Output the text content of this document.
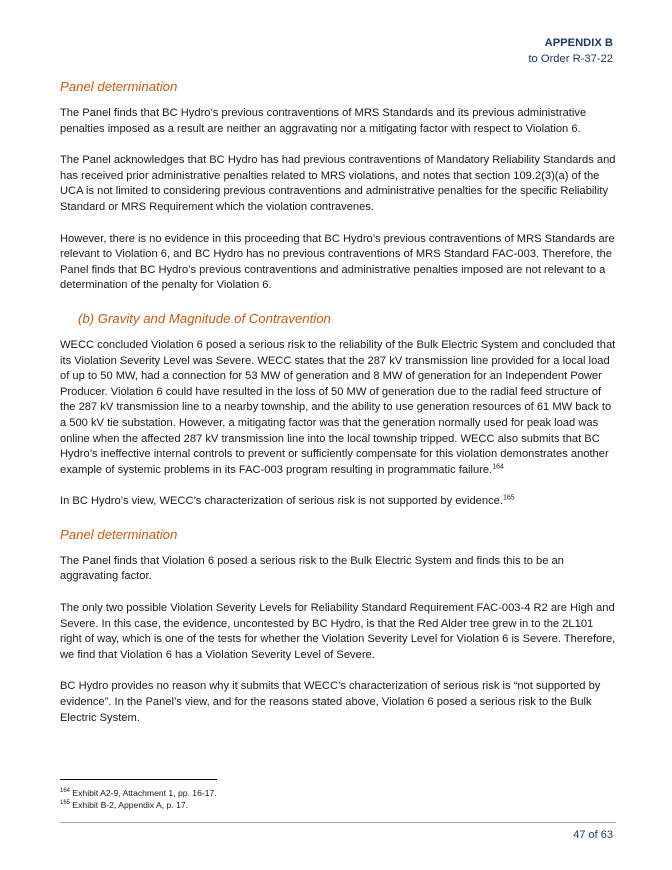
APPENDIX B
to Order R-37-22
Panel determination

The Panel finds that BC Hydro’s previous contraventions of MRS Standards and its previous administrative penalties imposed as a result are neither an aggravating nor a mitigating factor with respect to Violation 6.

The Panel acknowledges that BC Hydro has had previous contraventions of Mandatory Reliability Standards and has received prior administrative penalties related to MRS violations, and notes that section 109.2(3)(a) of the UCA is not limited to considering previous contraventions and administrative penalties for the specific Reliability Standard or MRS Requirement which the violation contravenes.

However, there is no evidence in this proceeding that BC Hydro’s previous contraventions of MRS Standards are relevant to Violation 6, and BC Hydro has no previous contraventions of MRS Standard FAC-003. Therefore, the Panel finds that BC Hydro’s previous contraventions and administrative penalties imposed are not relevant to a determination of the penalty for Violation 6.

(b) Gravity and Magnitude of Contravention

WECC concluded Violation 6 posed a serious risk to the reliability of the Bulk Electric System and concluded that its Violation Severity Level was Severe. WECC states that the 287 kV transmission line provided for a local load of up to 50 MW, had a connection for 53 MW of generation and 8 MW of generation for an Independent Power Producer. Violation 6 could have resulted in the loss of 50 MW of generation due to the radial feed structure of the 287 kV transmission line to a nearby township, and the ability to use generation resources of 61 MW back to a 500 kV tie substation. However, a mitigating factor was that the generation normally used for peak load was online when the affected 287 kV transmission line into the local township tripped. WECC also submits that BC Hydro’s ineffective internal controls to prevent or sufficiently compensate for this violation demonstrates another example of systemic problems in its FAC-003 program resulting in programmatic failure.$^{164}$

In BC Hydro’s view, WECC’s characterization of serious risk is not supported by evidence.$^{165}$

Panel determination

The Panel finds that Violation 6 posed a serious risk to the Bulk Electric System and finds this to be an aggravating factor.

The only two possible Violation Severity Levels for Reliability Standard Requirement FAC-003-4 R2 are High and Severe. In this case, the evidence, uncontested by BC Hydro, is that the Red Alder tree grew in to the 2L101 right of way, which is one of the tests for whether the Violation Severity Level for Violation 6 is Severe. Therefore, we find that Violation 6 has a Violation Severity Level of Severe.

BC Hydro provides no reason why it submits that WECC’s characterization of serious risk is “not supported by evidence”. In the Panel’s view, and for the reasons stated above, Violation 6 posed a serious risk to the Bulk Electric System.

$^{164}$ Exhibit A2-9, Attachment 1, pp. 16-17.
$^{165}$ Exhibit B-2, Appendix A, p. 17.
47 of 63
